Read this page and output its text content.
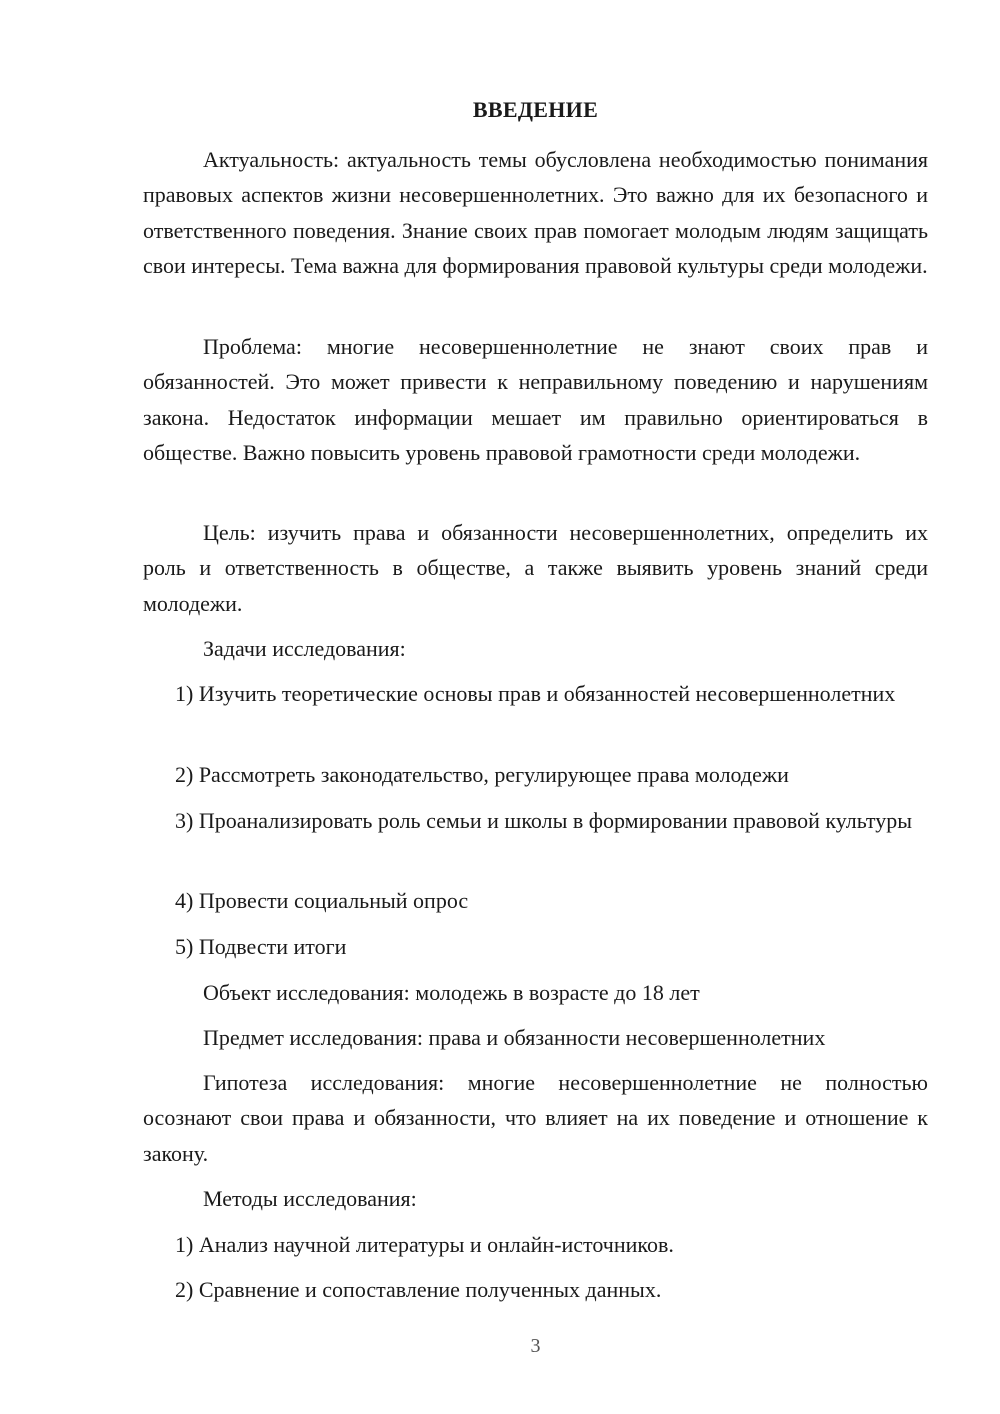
ВВЕДЕНИЕ

Актуальность: актуальность темы обусловлена необходимостью понимания правовых аспектов жизни несовершеннолетних. Это важно для их безопасного и ответственного поведения. Знание своих прав помогает молодым людям защищать свои интересы. Тема важна для формирования правовой культуры среди молодежи.

Проблема: многие несовершеннолетние не знают своих прав и обязанностей. Это может привести к неправильному поведению и нарушениям закона. Недостаток информации мешает им правильно ориентироваться в обществе. Важно повысить уровень правовой грамотности среди молодежи.

Цель: изучить права и обязанности несовершеннолетних, определить их роль и ответственность в обществе, а также выявить уровень знаний среди молодежи.

Задачи исследования:

1) Изучить теоретические основы прав и обязанностей несовершеннолетних

2) Рассмотреть законодательство, регулирующее права молодежи

3) Проанализировать роль семьи и школы в формировании правовой культуры

4) Провести социальный опрос

5) Подвести итоги

Объект исследования: молодежь в возрасте до 18 лет

Предмет исследования: права и обязанности несовершеннолетних

Гипотеза исследования: многие несовершеннолетние не полностью осознают свои права и обязанности, что влияет на их поведение и отношение к закону.

Методы исследования:

1) Анализ научной литературы и онлайн-источников.

2) Сравнение и сопоставление полученных данных.

3
